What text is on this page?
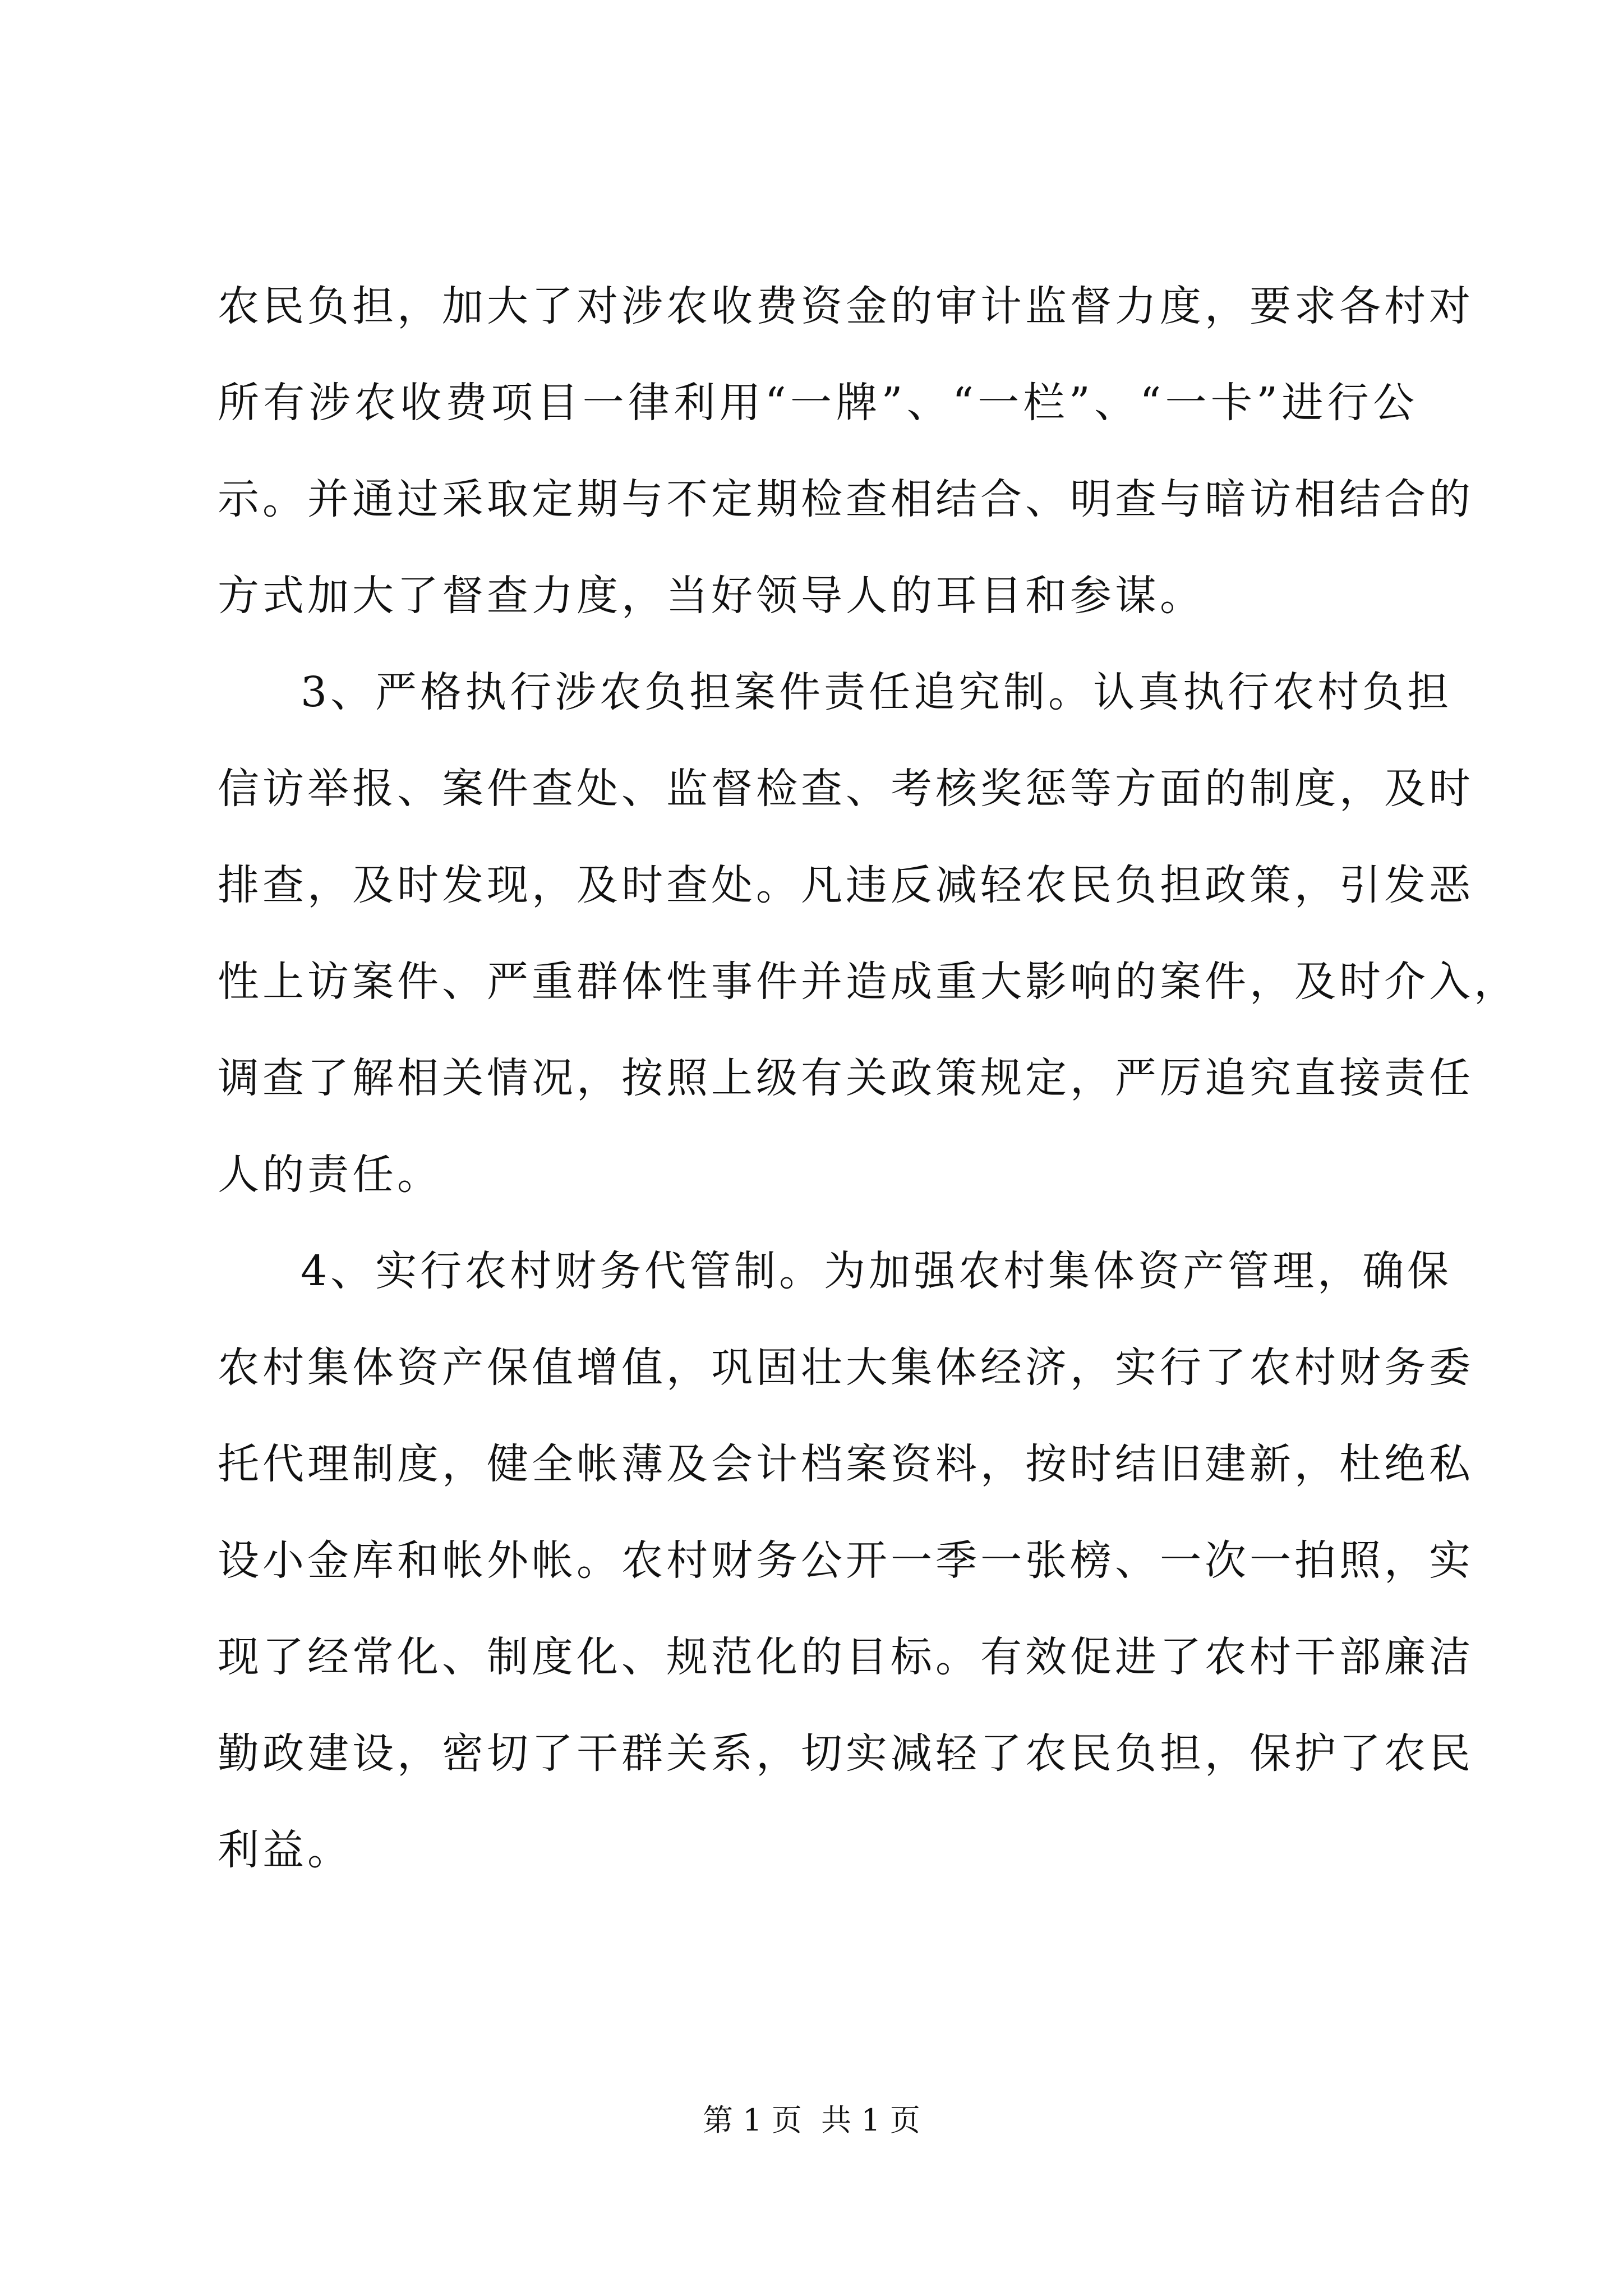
农民负担，加大了对涉农收费资金的审计监督力度，要求各村对
所有涉农收费项目一律利用“一牌”、“一栏”、“一卡”进行公
示。并通过采取定期与不定期检查相结合、明查与暗访相结合的
方式加大了督查力度，当好领导人的耳目和参谋。
3、严格执行涉农负担案件责任追究制。认真执行农村负担
信访举报、案件查处、监督检查、考核奖惩等方面的制度，及时
排查，及时发现，及时查处。凡违反减轻农民负担政策，引发恶
性上访案件、严重群体性事件并造成重大影响的案件，及时介入，
调查了解相关情况，按照上级有关政策规定，严厉追究直接责任
人的责任。
4、实行农村财务代管制。为加强农村集体资产管理，确保
农村集体资产保值增值，巩固壮大集体经济，实行了农村财务委
托代理制度，健全帐薄及会计档案资料，按时结旧建新，杜绝私
设小金库和帐外帐。农村财务公开一季一张榜、一次一拍照，实
现了经常化、制度化、规范化的目标。有效促进了农村干部廉洁
勤政建设，密切了干群关系，切实减轻了农民负担，保护了农民
利益。
第 1 页  共 1 页
